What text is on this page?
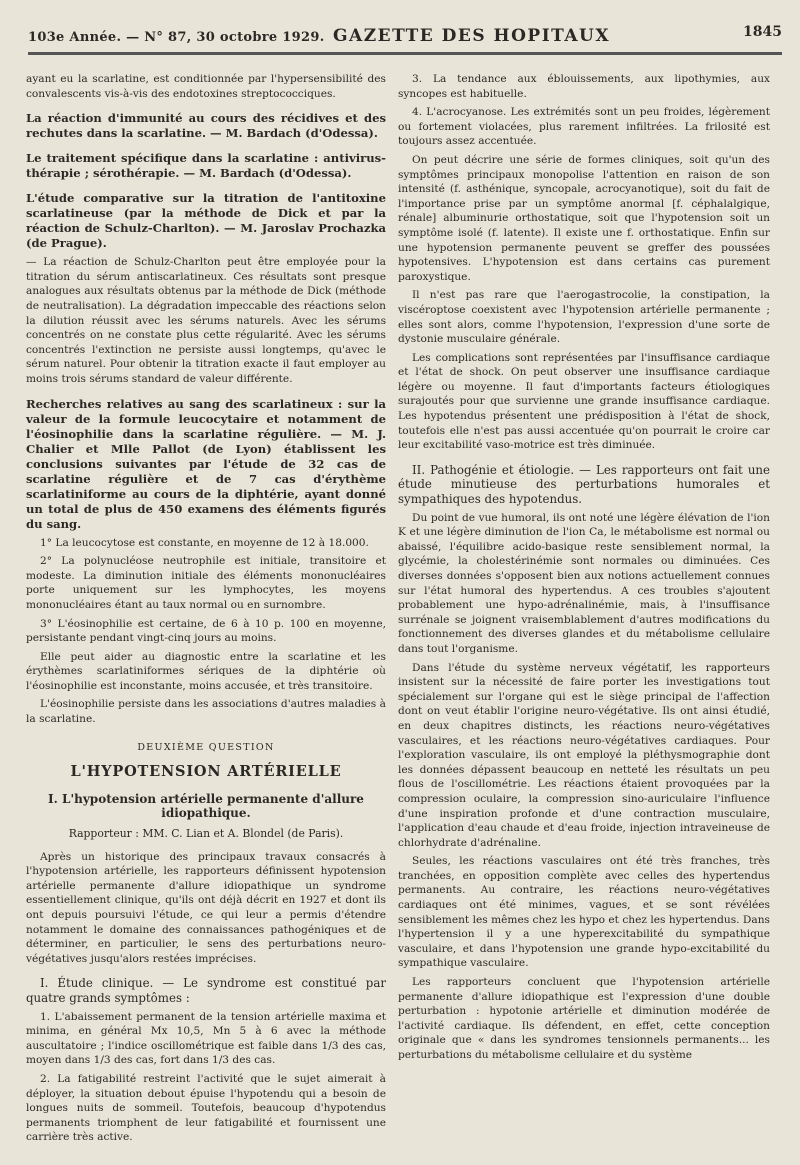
103e Année. — N° 87, 30 octobre 1929. GAZETTE DES HOPITAUX	1845

ayant eu la scarlatine, est conditionnée par l'hypersensibilité des convalescents vis-à-vis des endotoxines streptococciques.

La réaction d'immunité au cours des récidives et des rechutes dans la scarlatine. — M. Bardach (d'Odessa).

Le traitement spécifique dans la scarlatine : antivirus-thérapie ; sérothérapie. — M. Bardach (d'Odessa).

L'étude comparative sur la titration de l'antitoxine scarlatineuse (par la méthode de Dick et par la réaction de Schulz-Charlton). — M. Jaroslav Prochazka (de Prague).

— La réaction de Schulz-Charlton peut être employée pour la titration du sérum antiscarlatineux. Ces résultats sont presque analogues aux résultats obtenus par la méthode de Dick (méthode de neutralisation). La dégradation impeccable des réactions selon la dilution réussit avec les sérums naturels. Avec les sérums concentrés on ne constate plus cette régularité. Avec les sérums concentrés l'extinction ne persiste aussi longtemps, qu'avec le sérum naturel. Pour obtenir la titration exacte il faut employer au moins trois sérums standard de valeur différente.

Recherches relatives au sang des scarlatineux : sur la valeur de la formule leucocytaire et notamment de l'éosinophilie dans la scarlatine régulière. — M. J. Chalier et Mlle Pallot (de Lyon) établissent les conclusions suivantes par l'étude de 32 cas de scarlatine régulière et de 7 cas d'érythème scarlatiniforme au cours de la diphtérie, ayant donné un total de plus de 450 examens des éléments figurés du sang.

1° La leucocytose est constante, en moyenne de 12 à 18.000.

2° La polynucléose neutrophile est initiale, transitoire et modeste. La diminution initiale des éléments mononucléaires porte uniquement sur les lymphocytes, les moyens mononucléaires étant au taux normal ou en surnombre.

3° L'éosinophilie est certaine, de 6 à 10 p. 100 en moyenne, persistante pendant vingt-cinq jours au moins.

Elle peut aider au diagnostic entre la scarlatine et les érythèmes scarlatiniformes sériques de la diphtérie où l'éosinophilie est inconstante, moins accusée, et très transitoire.

L'éosinophilie persiste dans les associations d'autres maladies à la scarlatine.

DEUXIÈME QUESTION

L'HYPOTENSION ARTÉRIELLE

I. L'hypotension artérielle permanente d'allure idiopathique.

Rapporteur : MM. C. Lian et A. Blondel (de Paris).

Après un historique des principaux travaux consacrés à l'hypotension artérielle, les rapporteurs définissent hypotension artérielle permanente d'allure idiopathique un syndrome essentiellement clinique, qu'ils ont déjà décrit en 1927 et dont ils ont depuis poursuivi l'étude, ce qui leur a permis d'étendre notamment le domaine des connaissances pathogéniques et de déterminer, en particulier, le sens des perturbations neuro-végétatives jusqu'alors restées imprécises.

I. Étude clinique. — Le syndrome est constitué par quatre grands symptômes :

1. L'abaissement permanent de la tension artérielle maxima et minima, en général Mx 10,5, Mn 5 à 6 avec la méthode auscultatoire ; l'indice oscillométrique est faible dans 1/3 des cas, moyen dans 1/3 des cas, fort dans 1/3 des cas.

2. La fatigabilité restreint l'activité que le sujet aimerait à déployer, la situation debout épuise l'hypotendu qui a besoin de longues nuits de sommeil. Toutefois, beaucoup d'hypotendus permanents triomphent de leur fatigabilité et fournissent une carrière très active.

3. La tendance aux éblouissements, aux lipothymies, aux syncopes est habituelle.

4. L'acrocyanose. Les extrémités sont un peu froides, légèrement ou fortement violacées, plus rarement infiltrées. La frilosité est toujours assez accentuée.

On peut décrire une série de formes cliniques, soit qu'un des symptômes principaux monopolise l'attention en raison de son intensité (f. asthénique, syncopale, acrocyanotique), soit du fait de l'importance prise par un symptôme anormal [f. céphalalgique, rénale] albuminurie orthostatique, soit que l'hypotension soit un symptôme isolé (f. latente). Il existe une f. orthostatique. Enfin sur une hypotension permanente peuvent se greffer des poussées hypotensives. L'hypotension est dans certains cas purement paroxystique.

Il n'est pas rare que l'aerogastrocolie, la constipation, la viscéroptose coexistent avec l'hypotension artérielle permanente ; elles sont alors, comme l'hypotension, l'expression d'une sorte de dystonie musculaire générale.

Les complications sont représentées par l'insuffisance cardiaque et l'état de shock. On peut observer une insuffisance cardiaque légère ou moyenne. Il faut d'importants facteurs étiologiques surajoutés pour que survienne une grande insuffisance cardiaque. Les hypotendus présentent une prédisposition à l'état de shock, toutefois elle n'est pas aussi accentuée qu'on pourrait le croire car leur excitabilité vaso-motrice est très diminuée.

II. Pathogénie et étiologie. — Les rapporteurs ont fait une étude minutieuse des perturbations humorales et sympathiques des hypotendus.

Du point de vue humoral, ils ont noté une légère élévation de l'ion K et une légère diminution de l'ion Ca, le métabolisme est normal ou abaissé, l'équilibre acido-basique reste sensiblement normal, la glycémie, la cholestérinémie sont normales ou diminuées. Ces diverses données s'opposent bien aux notions actuellement connues sur l'état humoral des hypertendus. A ces troubles s'ajoutent probablement une hypo-adrénalinémie, mais, à l'insuffisance surrénale se joignent vraisemblablement d'autres modifications du fonctionnement des diverses glandes et du métabolisme cellulaire dans tout l'organisme.

Dans l'étude du système nerveux végétatif, les rapporteurs insistent sur la nécessité de faire porter les investigations tout spécialement sur l'organe qui est le siège principal de l'affection dont on veut établir l'origine neuro-végétative. Ils ont ainsi étudié, en deux chapitres distincts, les réactions neuro-végétatives vasculaires, et les réactions neuro-végétatives cardiaques. Pour l'exploration vasculaire, ils ont employé la pléthysmographie dont les données dépassent beaucoup en netteté les résultats un peu flous de l'oscillométrie. Les réactions étaient provoquées par la compression oculaire, la compression sino-auriculaire l'influence d'une inspiration profonde et d'une contraction musculaire, l'application d'eau chaude et d'eau froide, injection intraveineuse de chlorhydrate d'adrénaline.

Seules, les réactions vasculaires ont été très franches, très tranchées, en opposition complète avec celles des hypertendus permanents. Au contraire, les réactions neuro-végétatives cardiaques ont été minimes, vagues, et se sont révélées sensiblement les mêmes chez les hypo et chez les hypertendus. Dans l'hypertension il y a une hyperexcitabilité du sympathique vasculaire, et dans l'hypotension une grande hypo-excitabilité du sympathique vasculaire.

Les rapporteurs concluent que l'hypotension artérielle permanente d'allure idiopathique est l'expression d'une double perturbation : hypotonie artérielle et diminution modérée de l'activité cardiaque. Ils défendent, en effet, cette conception originale que « dans les syndromes tensionnels permanents... les perturbations du métabolisme cellulaire et du système
